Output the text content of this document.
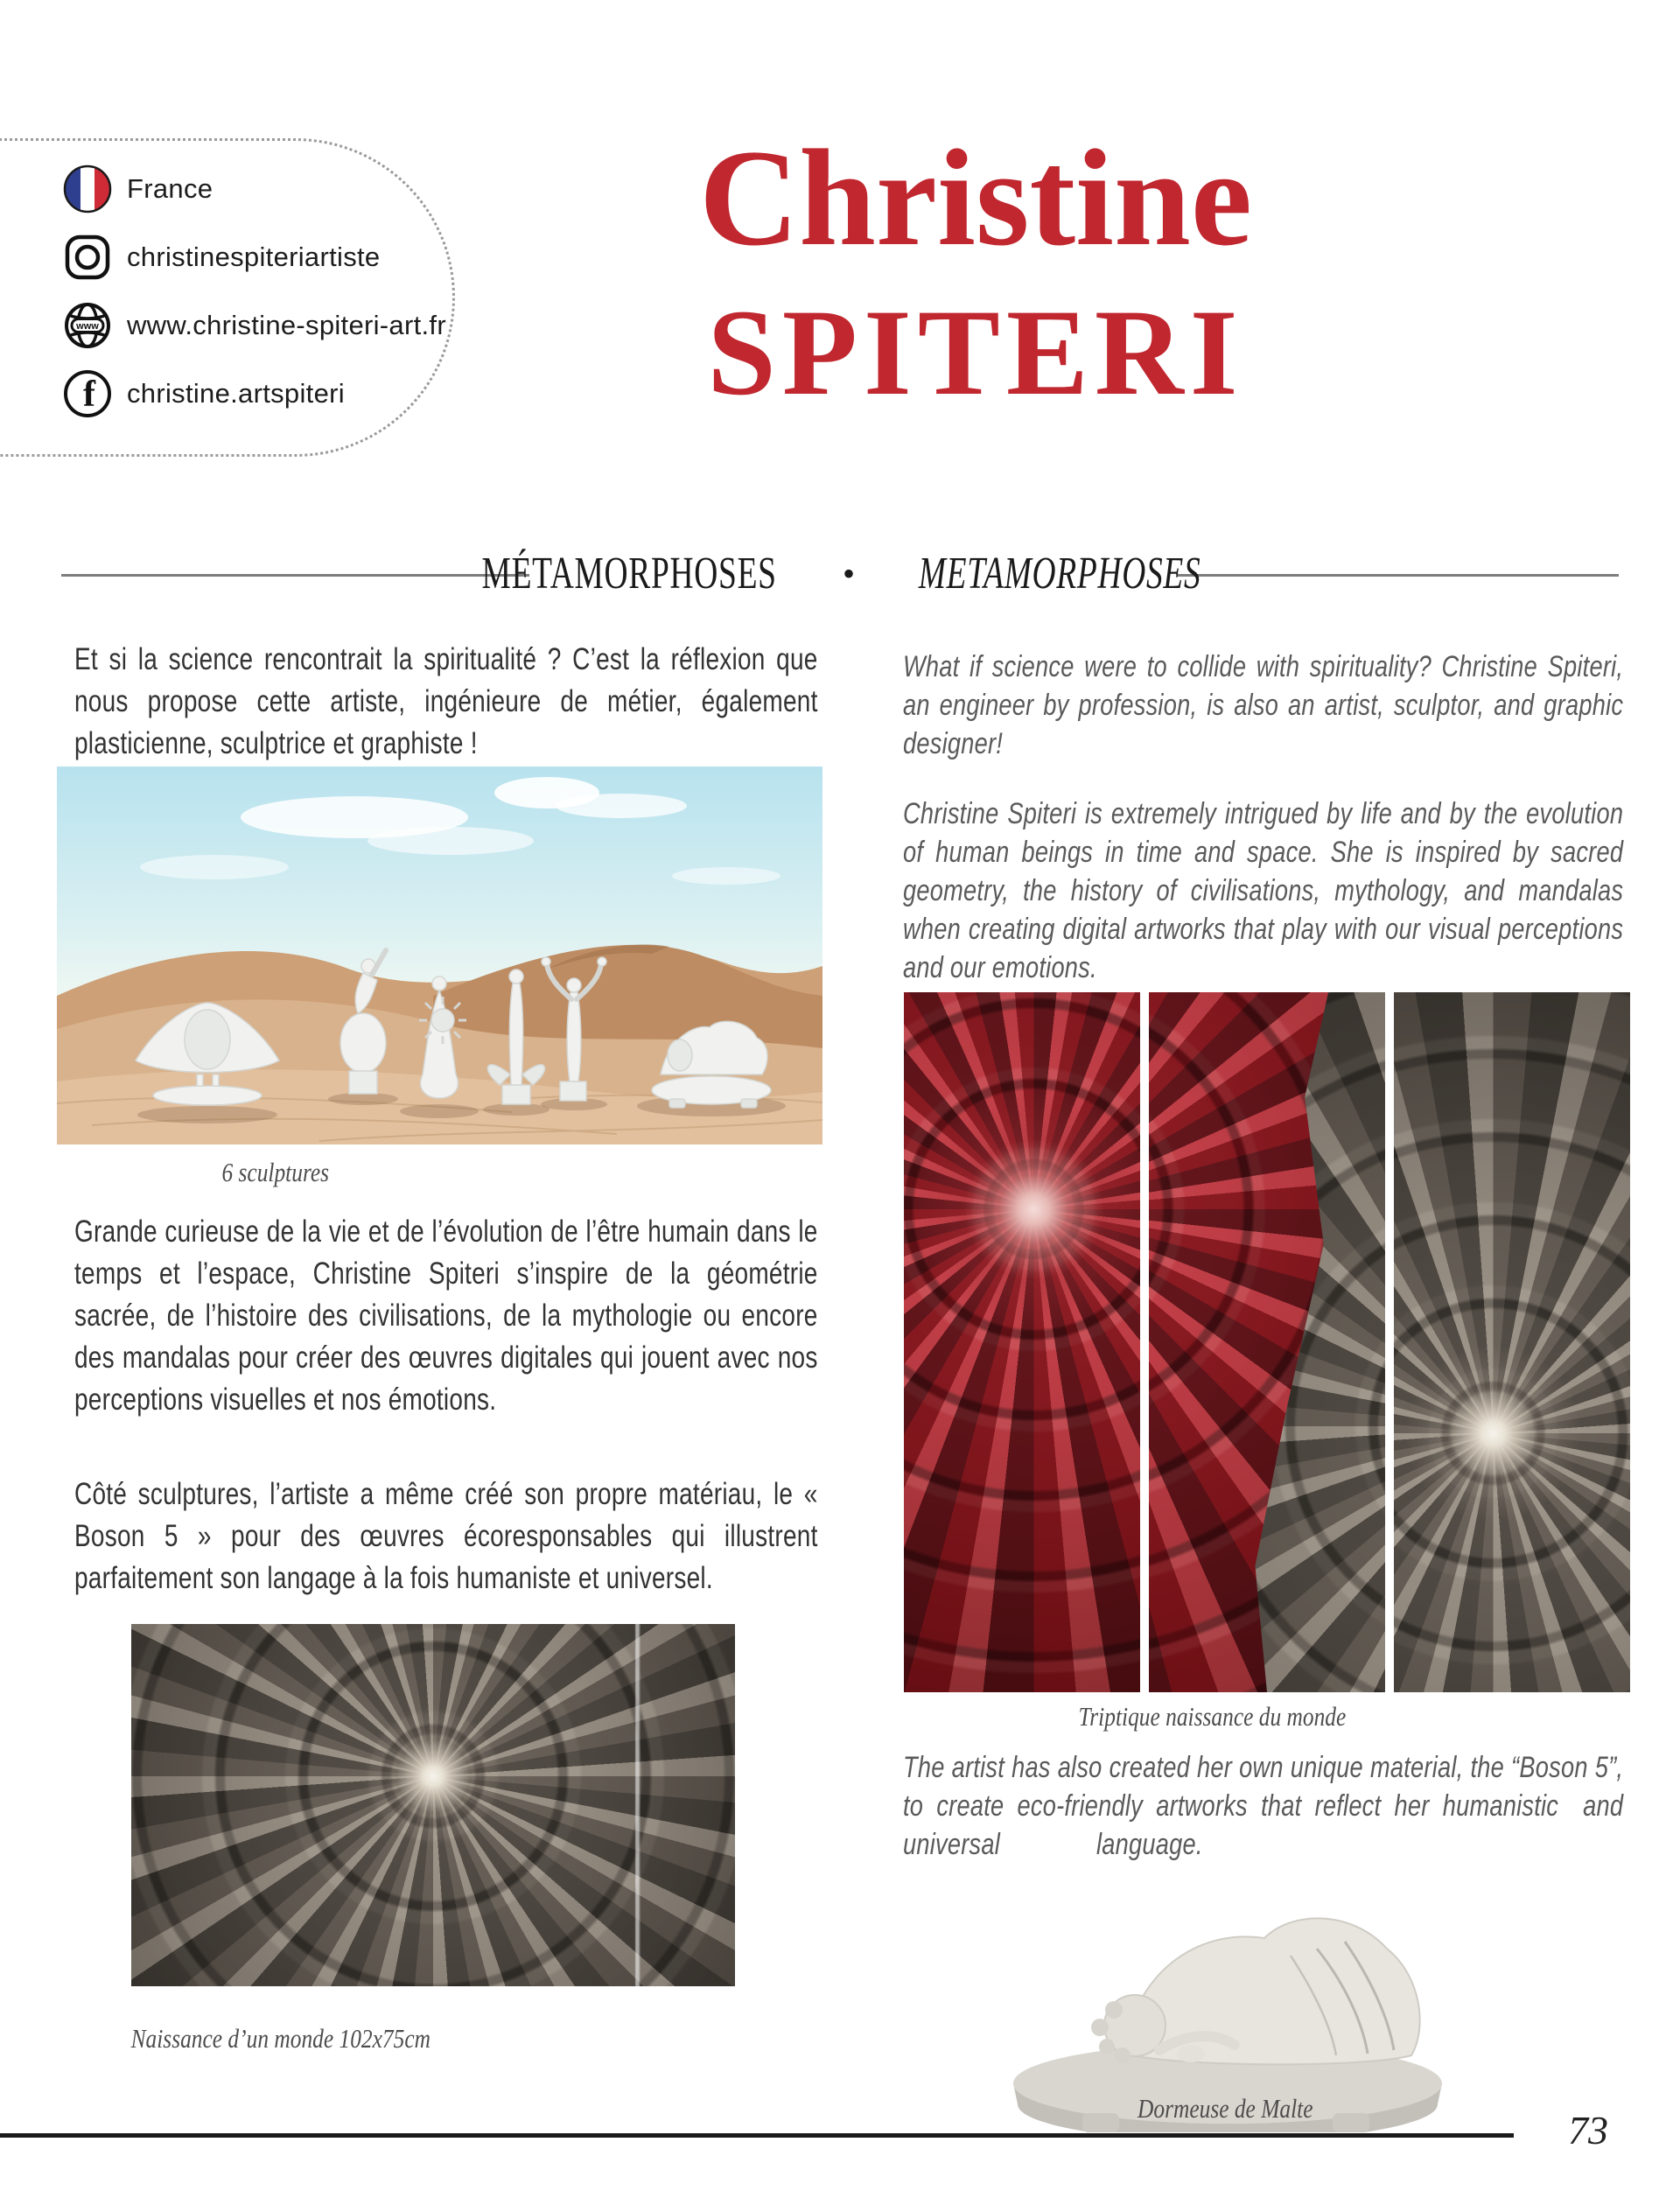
France
christinespiteriartiste
www www.christine-spiteri-art.fr
f christine.artspiteri
Christine
SPITERI
MÉTAMORPHOSES • METAMORPHOSES
Et si la science rencontrait la spiritualité ? C’est la réflexion que nous propose cette artiste, ingénieure de métier, également plasticienne, sculptrice et graphiste !
6 sculptures
Grande curieuse de la vie et de l’évolution de l’être humain dans le temps et l’espace, Christine Spiteri s’inspire de la géométrie sacrée, de l’histoire des civilisations, de la mythologie ou encore des mandalas pour créer des œuvres digitales qui jouent avec nos perceptions visuelles et nos émotions.
Côté sculptures, l’artiste a même créé son propre matériau, le « Boson 5 » pour des œuvres écoresponsables qui illustrent parfaitement son langage à la fois humaniste et universel.
Naissance d’un monde 102x75cm
What if science were to collide with spirituality? Christine Spiteri, an engineer by profession, is also an artist, sculptor, and graphic designer!
Christine Spiteri is extremely intrigued by life and by the evolution of human beings in time and space. She is inspired by sacred geometry, the history of civilisations, mythology, and mandalas when creating digital artworks that play with our visual perceptions and our emotions.
Triptique naissance du monde
The artist has also created her own unique material, the “Boson 5”, to create eco-friendly artworks that reflect her humanistic and universal	language.
Dormeuse de Malte	73
